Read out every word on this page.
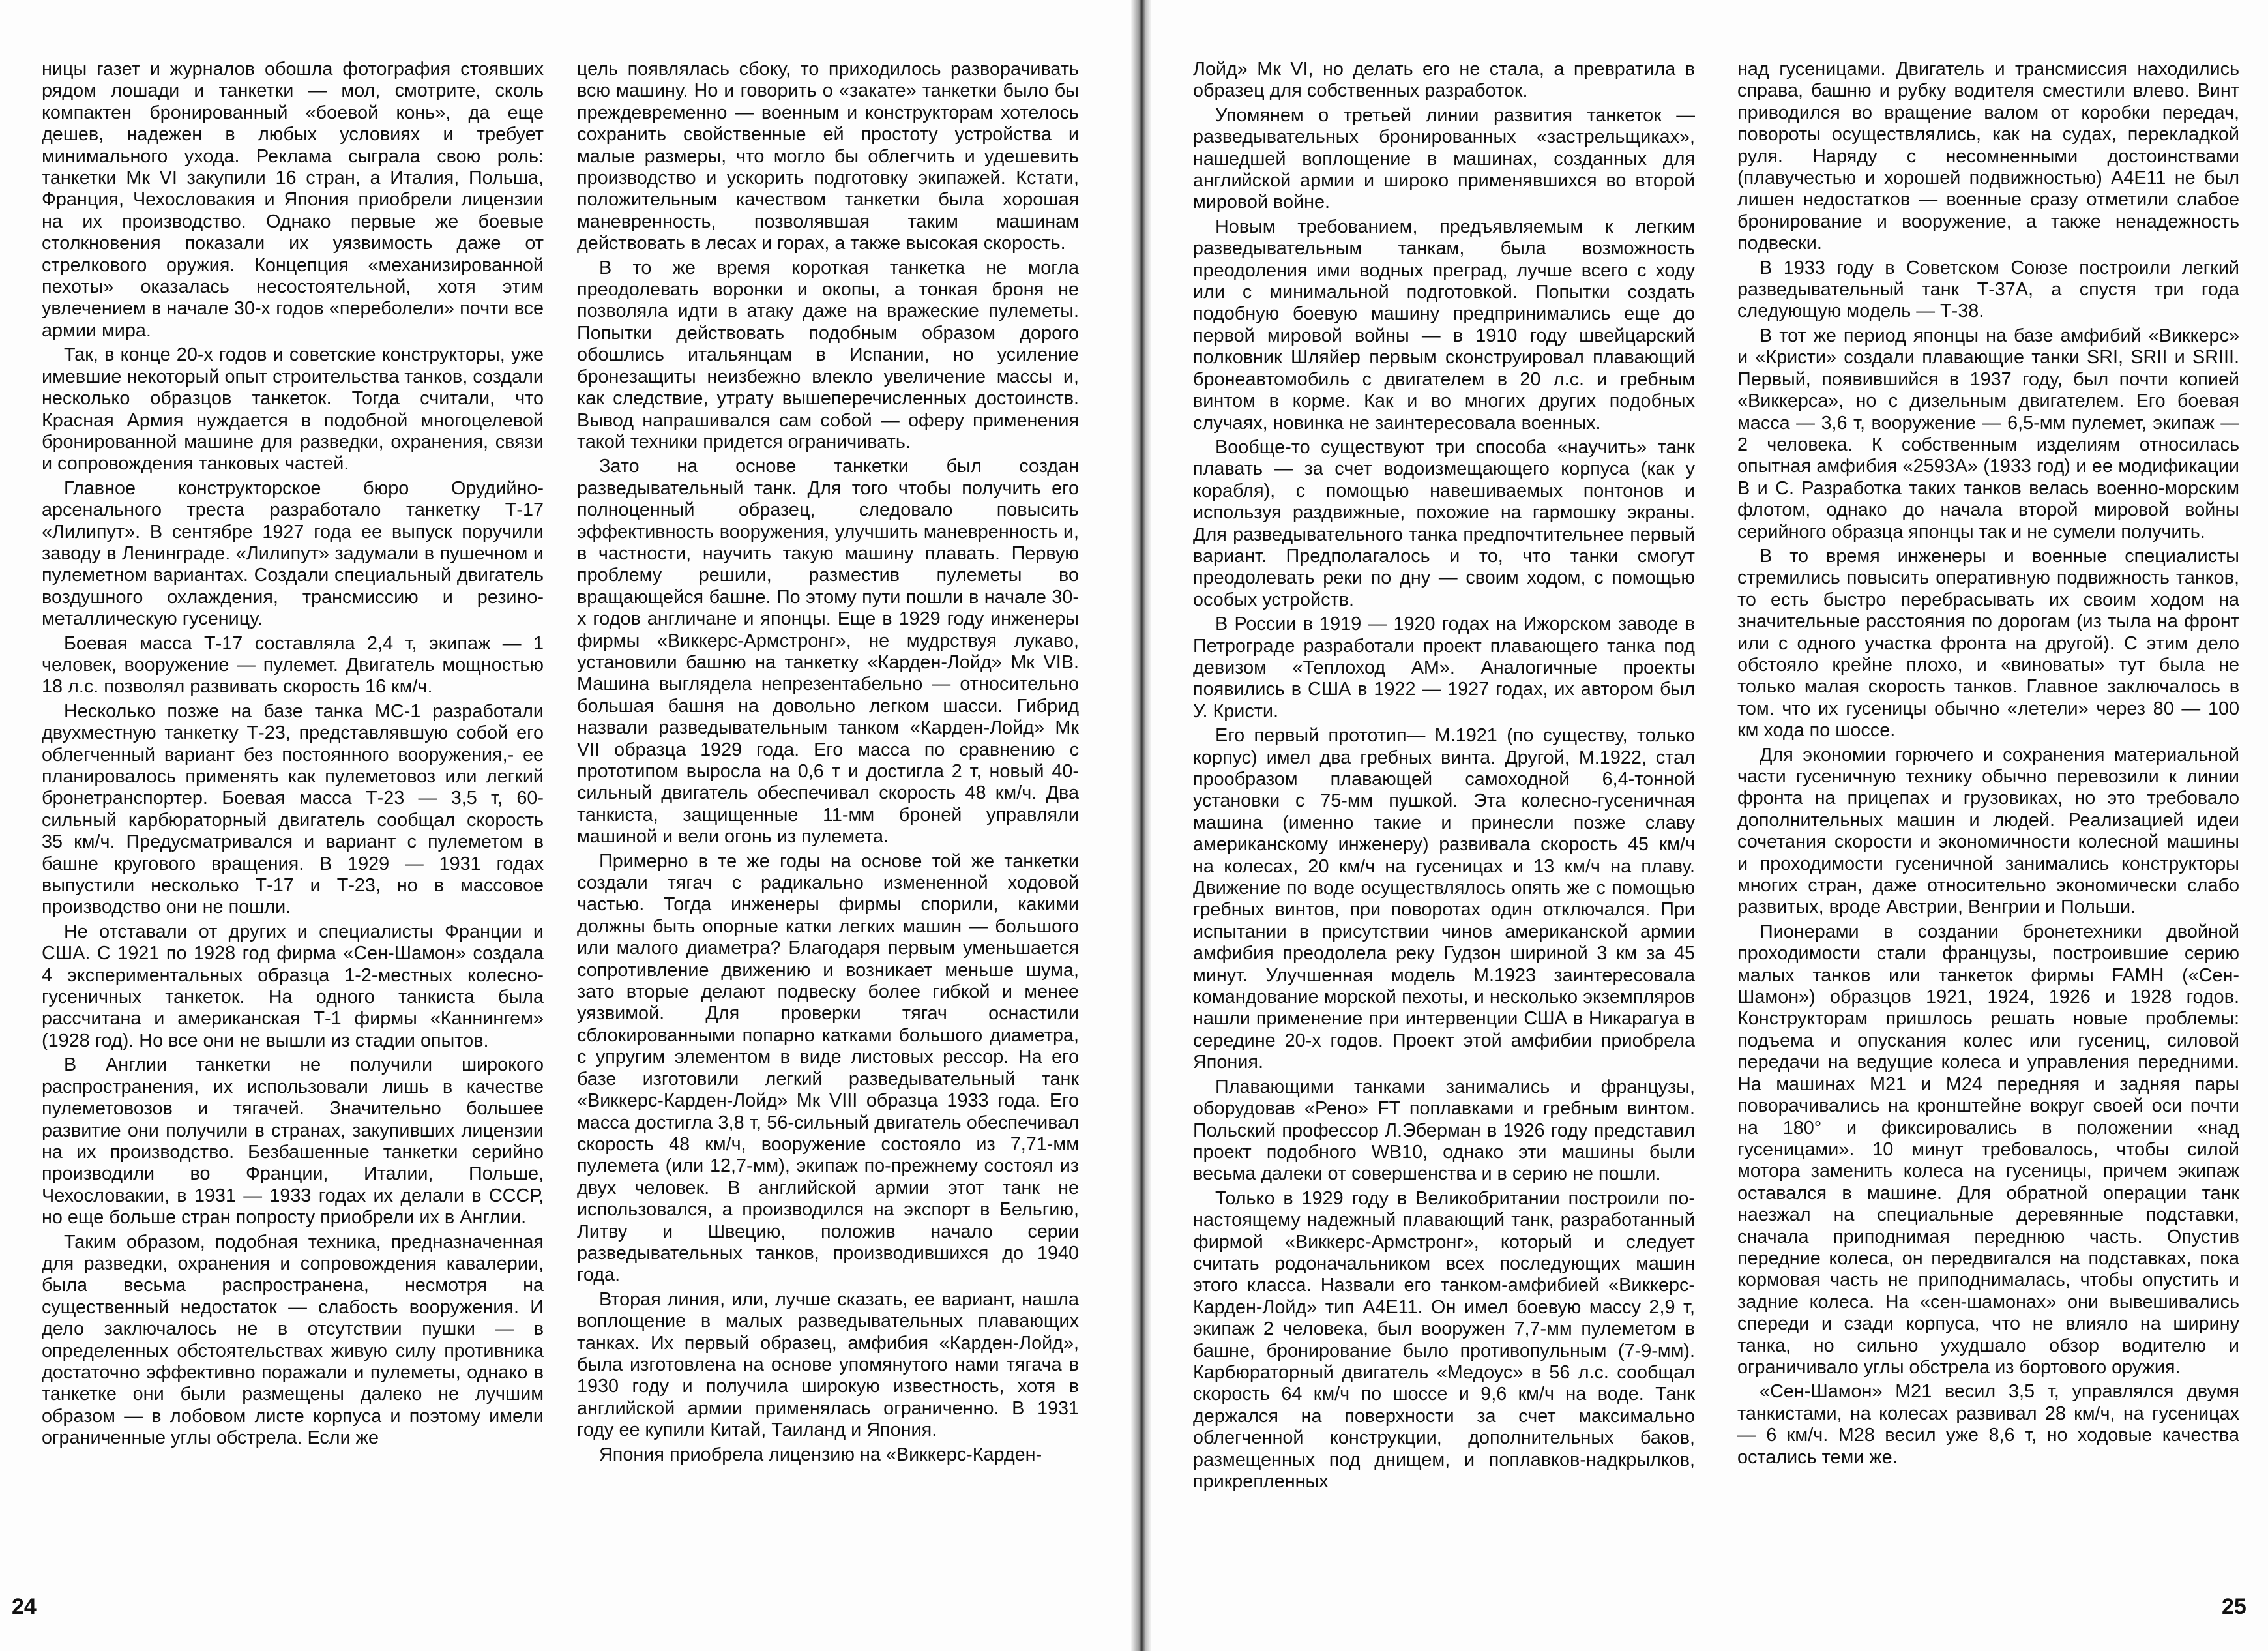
ницы газет и журналов обошла фотография стоявших рядом лошади и танкетки — мол, смотрите, сколь компактен бронированный «боевой конь», да еще дешев, надежен в любых условиях и требует минимального ухода. Реклама сыграла свою роль: танкетки Мк VI закупили 16 стран, а Италия, Польша, Франция, Чехословакия и Япония приобрели лицензии на их производство. Однако первые же боевые столкновения показали их уязвимость даже от стрелкового оружия. Концепция «механизированной пехоты» оказалась несостоятельной, хотя этим увлечением в начале 30-х годов «переболели» почти все армии мира.

Так, в конце 20-х годов и советские конструкторы, уже имевшие некоторый опыт строительства танков, создали несколько образцов танкеток. Тогда считали, что Красная Армия нуждается в подобной многоцелевой бронированной машине для разведки, охранения, связи и сопровождения танковых частей.

Главное конструкторское бюро Орудийно-арсенального треста разработало танкетку Т-17 «Лилипут». В сентябре 1927 года ее выпуск поручили заводу в Ленинграде. «Лилипут» задумали в пушечном и пулеметном вариантах. Создали специальный двигатель воздушного охлаждения, трансмиссию и резино-металлическую гусеницу.

Боевая масса Т-17 составляла 2,4 т, экипаж — 1 человек, вооружение — пулемет. Двигатель мощностью 18 л.с. позволял развивать скорость 16 км/ч.

Несколько позже на базе танка МС-1 разработали двухместную танкетку Т-23, представлявшую собой его облегченный вариант без постоянного вооружения,- ее планировалось применять как пулеметовоз или легкий бронетранспортер. Боевая масса Т-23 — 3,5 т, 60-сильный карбюраторный двигатель сообщал скорость 35 км/ч. Предусматривался и вариант с пулеметом в башне кругового вращения. В 1929 — 1931 годах выпустили несколько Т-17 и Т-23, но в массовое производство они не пошли.

Не отставали от других и специалисты Франции и США. С 1921 по 1928 год фирма «Сен-Шамон» создала 4 экспериментальных образца 1-2-местных колесно-гусеничных танкеток. На одного танкиста была рассчитана и американская Т-1 фирмы «Каннингем» (1928 год). Но все они не вышли из стадии опытов.

В Англии танкетки не получили широкого распространения, их использовали лишь в качестве пулеметовозов и тягачей. Значительно большее развитие они получили в странах, закупивших лицензии на их производство. Безбашенные танкетки серийно производили во Франции, Италии, Польше, Чехословакии, в 1931 — 1933 годах их делали в СССР, но еще больше стран попросту приобрели их в Англии.

Таким образом, подобная техника, предназначенная для разведки, охранения и сопровождения кавалерии, была весьма распространена, несмотря на существенный недостаток — слабость вооружения. И дело заключалось не в отсутствии пушки — в определенных обстоятельствах живую силу противника достаточно эффективно поражали и пулеметы, однако в танкетке они были размещены далеко не лучшим образом — в лобовом листе корпуса и поэтому имели ограниченные углы обстрела. Если же

цель появлялась сбоку, то приходилось разворачивать всю машину. Но и говорить о «закате» танкетки было бы преждевременно — военным и конструкторам хотелось сохранить свойственные ей простоту устройства и малые размеры, что могло бы облегчить и удешевить производство и ускорить подготовку экипажей. Кстати, положительным качеством танкетки была хорошая маневренность, позволявшая таким машинам действовать в лесах и горах, а также высокая скорость.

В то же время короткая танкетка не могла преодолевать воронки и окопы, а тонкая броня не позволяла идти в атаку даже на вражеские пулеметы. Попытки действовать подобным образом дорого обошлись итальянцам в Испании, но усиление бронезащиты неизбежно влекло увеличение массы и, как следствие, утрату вышеперечисленных достоинств. Вывод напрашивался сам собой — оферу применения такой техники придется ограничивать.

Зато на основе танкетки был создан разведывательный танк. Для того чтобы получить его полноценный образец, следовало повысить эффективность вооружения, улучшить маневренность и, в частности, научить такую машину плавать. Первую проблему решили, разместив пулеметы во вращающейся башне. По этому пути пошли в начале 30-х годов англичане и японцы. Еще в 1929 году инженеры фирмы «Виккерс-Армстронг», не мудрствуя лукаво, установили башню на танкетку «Карден-Лойд» Мк VIB. Машина выглядела непрезентабельно — относительно большая башня на довольно легком шасси. Гибрид назвали разведывательным танком «Карден-Лойд» Мк VII образца 1929 года. Его масса по сравнению с прототипом выросла на 0,6 т и достигла 2 т, новый 40-сильный двигатель обеспечивал скорость 48 км/ч. Два танкиста, защищенные 11-мм броней управляли машиной и вели огонь из пулемета.

Примерно в те же годы на основе той же танкетки создали тягач с радикально измененной ходовой частью. Тогда инженеры фирмы спорили, какими должны быть опорные катки легких машин — большого или малого диаметра? Благодаря первым уменьшается сопротивление движению и возникает меньше шума, зато вторые делают подвеску более гибкой и менее уязвимой. Для проверки тягач оснастили сблокированными попарно катками большого диаметра, с упругим элементом в виде листовых рессор. На его базе изготовили легкий разведывательный танк «Виккерс-Карден-Лойд» Мк VIII образца 1933 года. Его масса достигла 3,8 т, 56-сильный двигатель обеспечивал скорость 48 км/ч, вооружение состояло из 7,71-мм пулемета (или 12,7-мм), экипаж по-прежнему состоял из двух человек. В английской армии этот танк не использовался, а производился на экспорт в Бельгию, Литву и Швецию, положив начало серии разведывательных танков, производившихся до 1940 года.

Вторая линия, или, лучше сказать, ее вариант, нашла воплощение в малых разведывательных плавающих танках. Их первый образец, амфибия «Карден-Лойд», была изготовлена на основе упомянутого нами тягача в 1930 году и получила широкую известность, хотя в английской армии применялась ограниченно. В 1931 году ее купили Китай, Таиланд и Япония.

Япония приобрела лицензию на «Виккерс-Карден-

24

Лойд» Мк VI, но делать его не стала, а превратила в образец для собственных разработок.

Упомянем о третьей линии развития танкеток — разведывательных бронированных «застрельщиках», нашедшей воплощение в машинах, созданных для английской армии и широко применявшихся во второй мировой войне.

Новым требованием, предъявляемым к легким разведывательным танкам, была возможность преодоления ими водных преград, лучше всего с ходу или с минимальной подготовкой. Попытки создать подобную боевую машину предпринимались еще до первой мировой войны — в 1910 году швейцарский полковник Шляйер первым сконструировал плавающий бронеавтомобиль с двигателем в 20 л.с. и гребным винтом в корме. Как и во многих других подобных случаях, новинка не заинтересовала военных.

Вообще-то существуют три способа «научить» танк плавать — за счет водоизмещающего корпуса (как у корабля), с помощью навешиваемых понтонов и используя раздвижные, похожие на гармошку экраны. Для разведывательного танка предпочтительнее первый вариант. Предполагалось и то, что танки смогут преодолевать реки по дну — своим ходом, с помощью особых устройств.

В России в 1919 — 1920 годах на Ижорском заводе в Петрограде разработали проект плавающего танка под девизом «Теплоход АМ». Аналогичные проекты появились в США в 1922 — 1927 годах, их автором был У. Кристи.

Его первый прототип— М.1921 (по существу, только корпус) имел два гребных винта. Другой, М.1922, стал прообразом плавающей самоходной 6,4-тонной установки с 75-мм пушкой. Эта колесно-гусеничная машина (именно такие и принесли позже славу американскому инженеру) развивала скорость 45 км/ч на колесах, 20 км/ч на гусеницах и 13 км/ч на плаву. Движение по воде осуществлялось опять же с помощью гребных винтов, при поворотах один отключался. При испытании в присутствии чинов американской армии амфибия преодолела реку Гудзон шириной 3 км за 45 минут. Улучшенная модель М.1923 заинтересовала командование морской пехоты, и несколько экземпляров нашли применение при интервенции США в Никарагуа в середине 20-х годов. Проект этой амфибии приобрела Япония.

Плавающими танками занимались и французы, оборудовав «Рено» FT поплавками и гребным винтом. Польский профессор Л.Эберман в 1926 году представил проект подобного WB10, однако эти машины были весьма далеки от совершенства и в серию не пошли.

Только в 1929 году в Великобритании построили по-настоящему надежный плавающий танк, разработанный фирмой «Виккерс-Армстронг», который и следует считать родоначальником всех последующих машин этого класса. Назвали его танком-амфибией «Виккерс-Карден-Лойд» тип А4Е11. Он имел боевую массу 2,9 т, экипаж 2 человека, был вооружен 7,7-мм пулеметом в башне, бронирование было противопульным (7-9-мм). Карбюраторный двигатель «Медоус» в 56 л.с. сообщал скорость 64 км/ч по шоссе и 9,6 км/ч на воде. Танк держался на поверхности за счет максимально облегченной конструкции, дополнительных баков, размещенных под днищем, и поплавков-надкрылков, прикрепленных

над гусеницами. Двигатель и трансмиссия находились справа, башню и рубку водителя сместили влево. Винт приводился во вращение валом от коробки передач, повороты осуществлялись, как на судах, перекладкой руля. Наряду с несомненными достоинствами (плавучестью и хорошей подвижностью) А4Е11 не был лишен недостатков — военные сразу отметили слабое бронирование и вооружение, а также ненадежность подвески.

В 1933 году в Советском Союзе построили легкий разведывательный танк Т-37А, а спустя три года следующую модель — Т-38.

В тот же период японцы на базе амфибий «Виккерс» и «Кристи» создали плавающие танки SRI, SRII и SRIII. Первый, появившийся в 1937 году, был почти копией «Виккерса», но с дизельным двигателем. Его боевая масса — 3,6 т, вооружение — 6,5-мм пулемет, экипаж — 2 человека. К собственным изделиям относилась опытная амфибия «2593А» (1933 год) и ее модификации В и С. Разработка таких танков велась военно-морским флотом, однако до начала второй мировой войны серийного образца японцы так и не сумели получить.

В то время инженеры и военные специалисты стремились повысить оперативную подвижность танков, то есть быстро перебрасывать их своим ходом на значительные расстояния по дорогам (из тыла на фронт или с одного участка фронта на другой). С этим дело обстояло крейне плохо, и «виноваты» тут была не только малая скорость танков. Главное заключалось в том. что их гусеницы обычно «летели» через 80 — 100 км хода по шоссе.

Для экономии горючего и сохранения материальной части гусеничную технику обычно перевозили к линии фронта на прицепах и грузовиках, но это требовало дополнительных машин и людей. Реализацией идеи сочетания скорости и экономичности колесной машины и проходимости гусеничной занимались конструкторы многих стран, даже относительно экономически слабо развитых, вроде Австрии, Венгрии и Польши.

Пионерами в создании бронетехники двойной проходимости стали французы, построившие серию малых танков или танкеток фирмы FAMH («Сен-Шамон») образцов 1921, 1924, 1926 и 1928 годов. Конструкторам пришлось решать новые проблемы: подъема и опускания колес или гусениц, силовой передачи на ведущие колеса и управления передними. На машинах M21 и M24 передняя и задняя пары поворачивались на кронштейне вокруг своей оси почти на 180° и фиксировались в положении «над гусеницами». 10 минут требовалось, чтобы силой мотора заменить колеса на гусеницы, причем экипаж оставался в машине. Для обратной операции танк наезжал на специальные деревянные подставки, сначала приподнимая переднюю часть. Опустив передние колеса, он передвигался на подставках, пока кормовая часть не приподнималась, чтобы опустить и задние колеса. На «сен-шамонах» они вывешивались спереди и сзади корпуса, что не влияло на ширину танка, но сильно ухудшало обзор водителю и ограничивало углы обстрела из бортового оружия.

«Сен-Шамон» M21 весил 3,5 т, управлялся двумя танкистами, на колесах развивал 28 км/ч, на гусеницах — 6 км/ч. M28 весил уже 8,6 т, но ходовые качества остались теми же.

25
